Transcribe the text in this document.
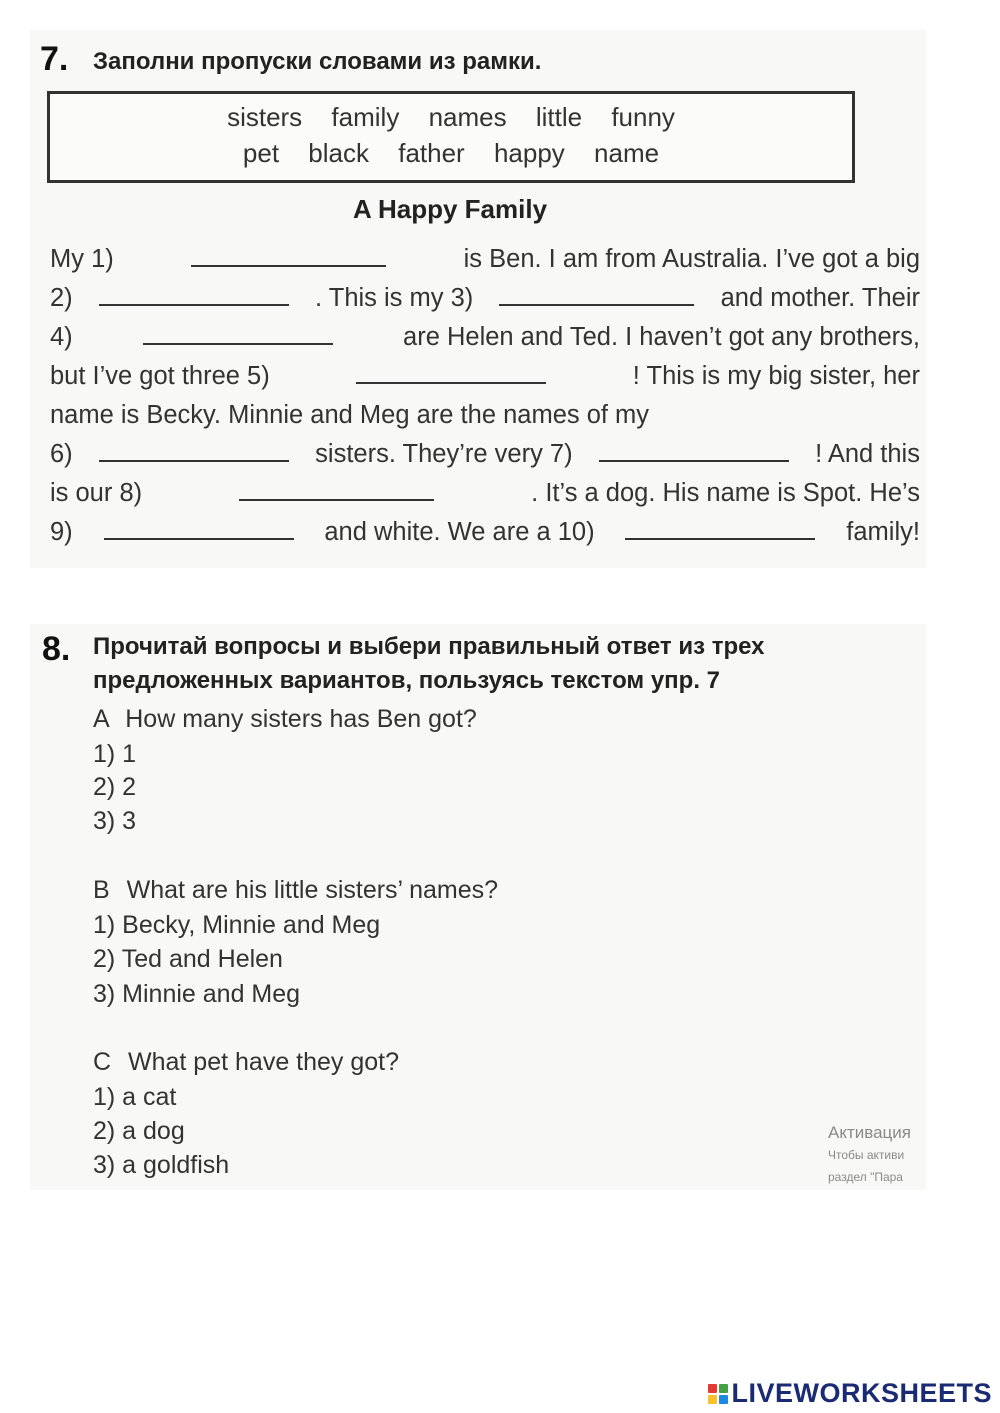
7. Заполни пропуски словами из рамки.
sisters family names little funny
pet black father happy name
A Happy Family
My 1)	is Ben. I am from Australia. I’ve got a big
2)	. This is my 3)	and mother. Their
4)	are Helen and Ted. I haven’t got any brothers,
but I’ve got three 5)	! This is my big sister, her
name is Becky. Minnie and Meg are the names of my
6)	sisters. They’re very 7)	! And this
is our 8)	. It’s a dog. His name is Spot. He’s
9)	and white. We are a 10)	family!
8. Прочитай вопросы и выбери правильный ответ из трех
предложенных вариантов, пользуясь текстом упр. 7
A How many sisters has Ben got?
1) 1
2) 2
3) 3
B What are his little sisters’ names?
1) Becky, Minnie and Meg
2) Ted and Helen
3) Minnie and Meg
C What pet have they got?
1) a cat
2) a dog
3) a goldfish
Активация
Чтобы активи
раздел "Пара
LIVEWORKSHEETS
